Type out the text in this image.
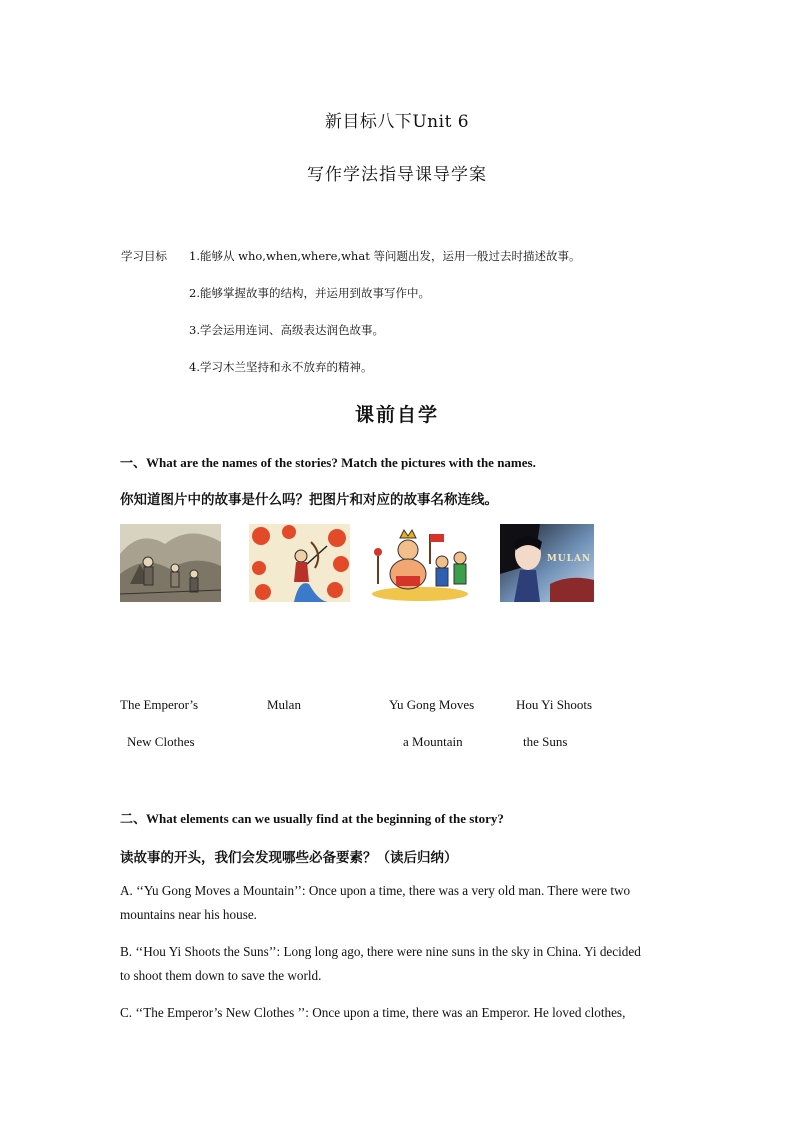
新目标八下Unit 6
写作学法指导课导学案
学习目标 1.能够从 who,when,where,what 等问题出发，运用一般过去时描述故事。
2.能够掌握故事的结构，并运用到故事写作中。
3.学会运用连词、高级表达润色故事。
4.学习木兰坚持和永不放弃的精神。
课前自学
一、What are the names of the stories? Match the pictures with the names.
你知道图片中的故事是什么吗？把图片和对应的故事名称连线。
MULAN
The Emperor’s
New Clothes
Mulan	Yu Gong Moves
a Mountain
Hou Yi Shoots
the Suns
二、What elements can we usually find at the beginning of the story?
读故事的开头，我们会发现哪些必备要素？（读后归纳）
A. ‘‘Yu Gong Moves a Mountain’’: Once upon a time, there was a very old man. There were two
mountains near his house.
B. ‘‘Hou Yi Shoots the Suns’’: Long long ago, there were nine suns in the sky in China. Yi decided
to shoot them down to save the world.
C. ‘‘The Emperor’s New Clothes ’’: Once upon a time, there was an Emperor. He loved clothes,
